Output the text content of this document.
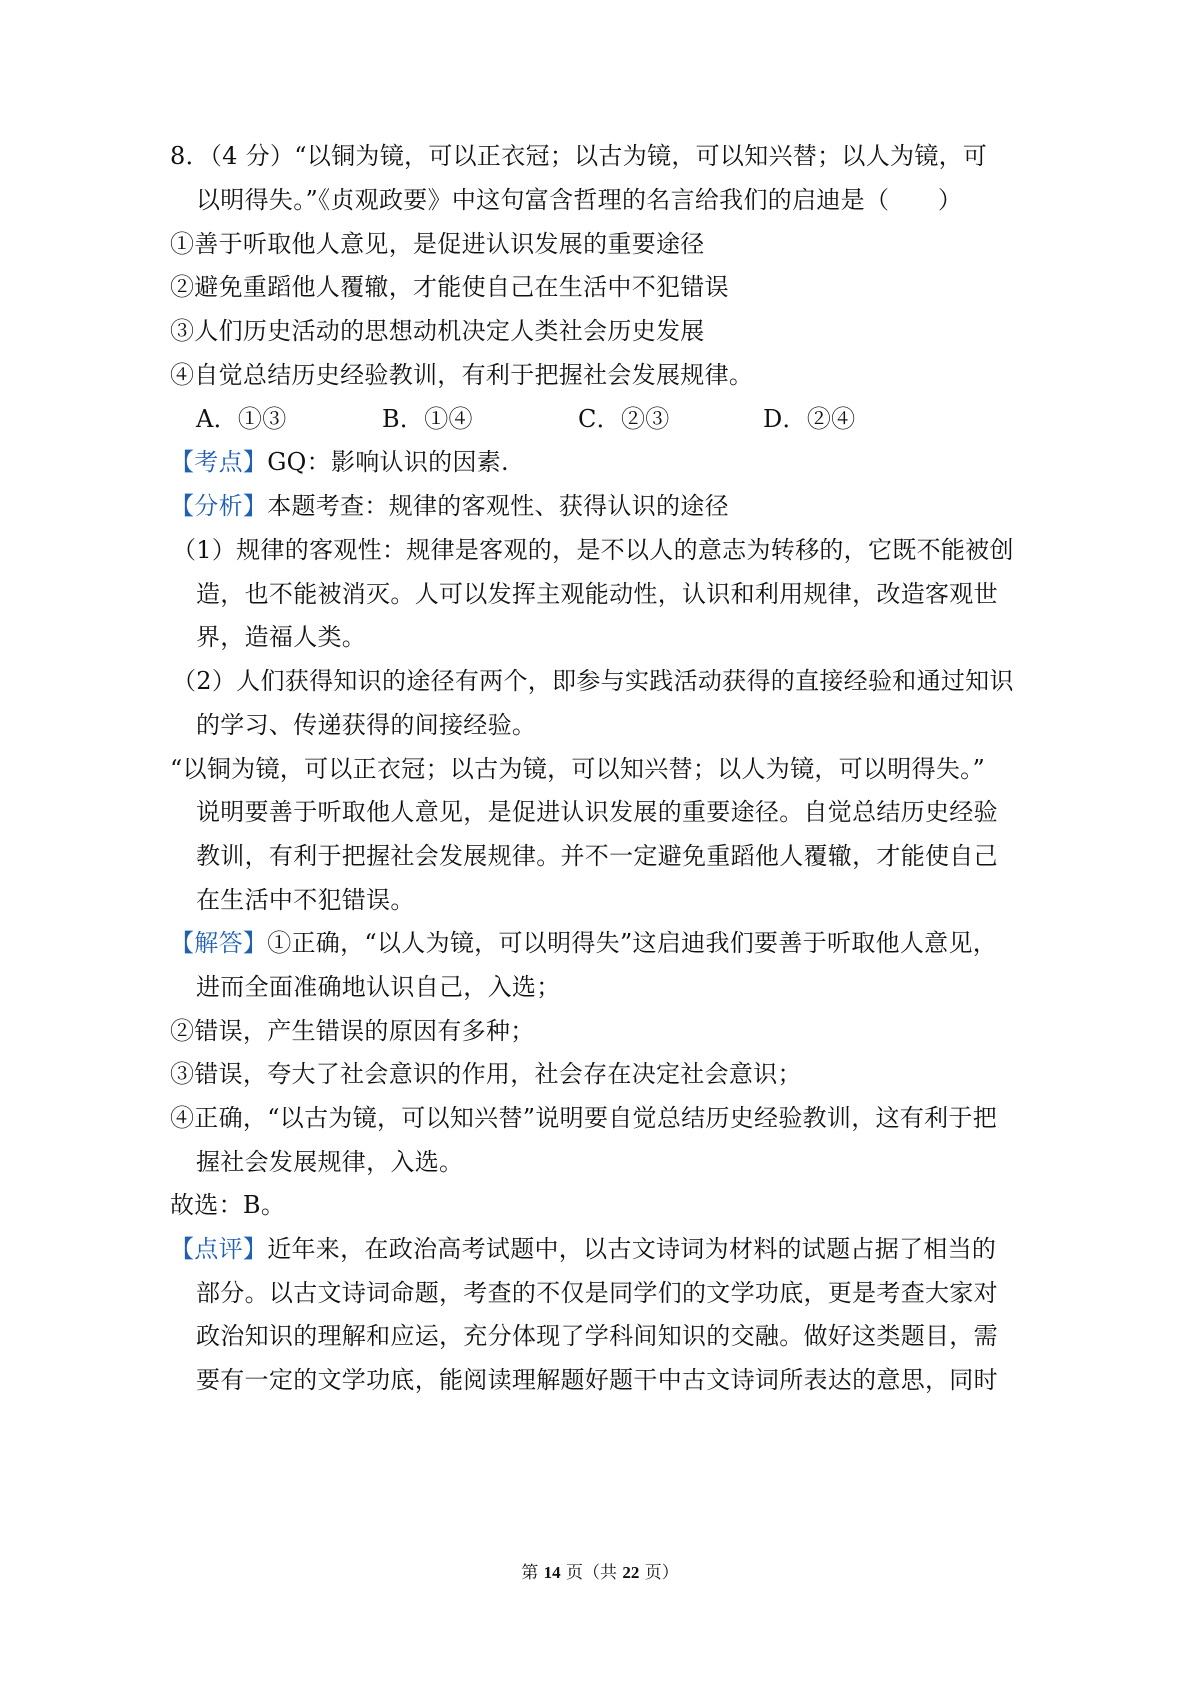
8．（4 分）“以铜为镜，可以正衣冠；以古为镜，可以知兴替；以人为镜，可
以明得失。”《贞观政要》中这句富含哲理的名言给我们的启迪是（　　）
①善于听取他人意见，是促进认识发展的重要途径
②避免重蹈他人覆辙，才能使自己在生活中不犯错误
③人们历史活动的思想动机决定人类社会历史发展
④自觉总结历史经验教训，有利于把握社会发展规律。
A．①③	B．①④	C．②③	D．②④
【考点】GQ：影响认识的因素.
【分析】本题考查：规律的客观性、获得认识的途径
（1）规律的客观性：规律是客观的，是不以人的意志为转移的，它既不能被创
造，也不能被消灭。人可以发挥主观能动性，认识和利用规律，改造客观世
界，造福人类。
（2）人们获得知识的途径有两个，即参与实践活动获得的直接经验和通过知识
的学习、传递获得的间接经验。
“以铜为镜，可以正衣冠；以古为镜，可以知兴替；以人为镜，可以明得失。”
说明要善于听取他人意见，是促进认识发展的重要途径。自觉总结历史经验
教训，有利于把握社会发展规律。并不一定避免重蹈他人覆辙，才能使自己
在生活中不犯错误。
【解答】①正确，“以人为镜，可以明得失”这启迪我们要善于听取他人意见，
进而全面准确地认识自己，入选；
②错误，产生错误的原因有多种；
③错误，夸大了社会意识的作用，社会存在决定社会意识；
④正确，“以古为镜，可以知兴替”说明要自觉总结历史经验教训，这有利于把
握社会发展规律，入选。
故选：B。
【点评】近年来，在政治高考试题中，以古文诗词为材料的试题占据了相当的
部分。以古文诗词命题，考查的不仅是同学们的文学功底，更是考查大家对
政治知识的理解和应运，充分体现了学科间知识的交融。做好这类题目，需
要有一定的文学功底，能阅读理解题好题干中古文诗词所表达的意思，同时
第 14 页（共 22 页）
